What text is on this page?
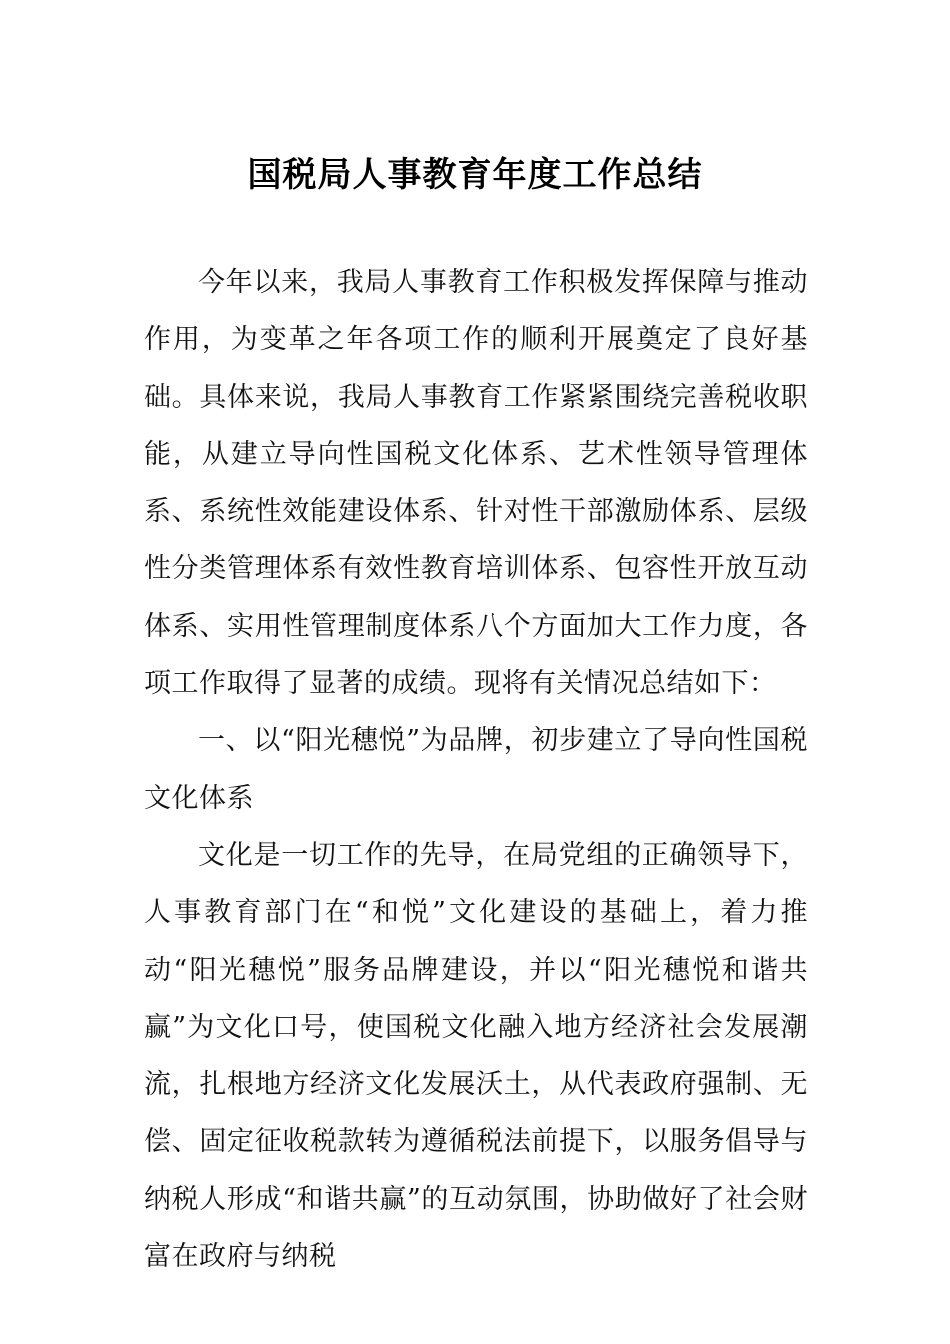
国税局人事教育年度工作总结

今年以来，我局人事教育工作积极发挥保障与推动作用，为变革之年各项工作的顺利开展奠定了良好基础。具体来说，我局人事教育工作紧紧围绕完善税收职能，从建立导向性国税文化体系、艺术性领导管理体系、系统性效能建设体系、针对性干部激励体系、层级性分类管理体系有效性教育培训体系、包容性开放互动体系、实用性管理制度体系八个方面加大工作力度，各项工作取得了显著的成绩。现将有关情况总结如下：

一、以“阳光穗悦”为品牌，初步建立了导向性国税文化体系

文化是一切工作的先导，在局党组的正确领导下，人事教育部门在“和悦”文化建设的基础上，着力推动“阳光穗悦”服务品牌建设，并以“阳光穗悦和谐共赢”为文化口号，使国税文化融入地方经济社会发展潮流，扎根地方经济文化发展沃土，从代表政府强制、无偿、固定征收税款转为遵循税法前提下，以服务倡导与纳税人形成“和谐共赢”的互动氛围，协助做好了社会财富在政府与纳税
